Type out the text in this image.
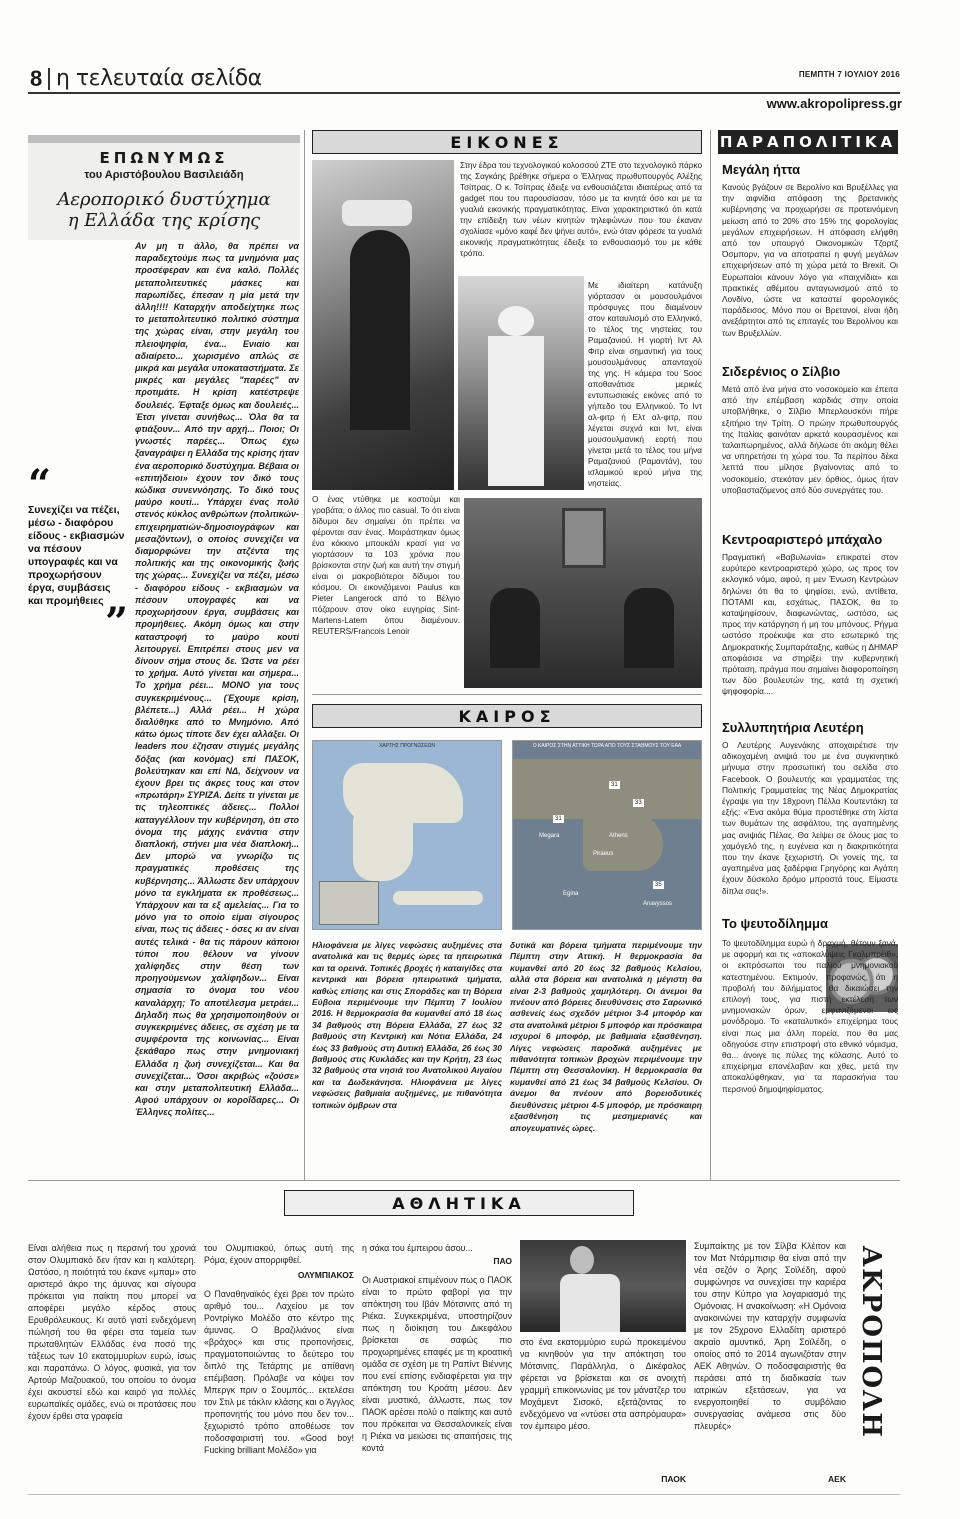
8 η τελευταία σελίδα	ΠΕΜΠΤΗ 7 ΙΟΥΛΙΟΥ 2016
www.akropolipress.gr
ΕΠΩΝΥΜΩΣ
του Αριστόβουλου Βασιλειάδη
Αεροπορικό δυστύχημα
η Ελλάδα της κρίσης
“
Συνεχίζει να πέζει, μέσω - διαφόρου είδους - εκβιασμών να πέσουν υπογραφές και να προχωρήσουν έργα, συμβάσεις και προμήθειες ”
Αν μη τι άλλο, θα πρέπει να παραδεχτούμε πως τα μνημόνια μας προσέφεραν και ένα καλό. Πολλές μεταπολιτευτικές μάσκες και παρωπίδες, έπεσαν η μία μετά την άλλη!!!! Καταρχήν αποδείχτηκε πως το μεταπολιτευτικό πολιτικό σύστημα της χώρας είναι, στην μεγάλη του πλειοψηφία, ένα... Ενιαίο και αδιαίρετο... χωρισμένο απλώς σε μικρά και μεγάλα υποκαταστήματα. Σε μικρές και μεγάλες "παρέες" αν προτιμάτε. Η κρίση κατέστρεψε δουλειές. Έφταξε όμως και δουλειές... Έτσι γίνεται συνήθως... Όλα θα τα φτιάξουν... Από την αρχή... Ποιοι; Οι γνωστές παρέες... Όπως έχω ξαναγράψει η Ελλάδα της κρίσης ήταν ένα αεροπορικό δυστύχημα. Βέβαια οι «επιτήδειοι» έχουν τον δικό τους κώδικα συνεννόησης. Το δικό τους μαύρο κουτί... Υπάρχει ένας πολύ στενός κύκλος ανθρώπων (πολιτικών-επιχειρηματιών-δημοσιογράφων και μεσαζόντων), ο οποίος συνεχίζει να διαμορφώνει την ατζέντα της πολιτικής και της οικονομικής ζωής της χώρας... Συνεχίζει να πέζει, μέσω - διαφόρου είδους - εκβιασμών να πέσουν υπογραφές και να προχωρήσουν έργα, συμβάσεις και προμήθειες. Ακόμη όμως και στην καταστροφή το μαύρο κουτί λειτουργεί. Επιτρέπει στους μεν να δίνουν σήμα στους δε. Ώστε να ρέει το χρήμα. Αυτό γίνεται και σήμερα... Το χρήμα ρέει... ΜΟΝΟ για τους συγκεκριμένους... (Έχουμε κρίση, βλέπετε...) Αλλά ρέει... Η χώρα διαλύθηκε από το Μνημόνιο. Από κάτω όμως τίποτε δεν έχει αλλάξει. Οι leaders που έζησαν στιγμές μεγάλης δόξας (και κονόμας) επί ΠΑΣΟΚ, βολεύτηκαν και επί ΝΔ, δείχνουν να έχουν βρει τις άκρες τους και στον «πρωτάρη» ΣΥΡΙΖΑ. Δείτε τι γίνεται με τις τηλεοπτικές άδειες... Πολλοί καταγγέλλουν την κυβέρνηση, ότι στο όνομα της μάχης ενάντια στην διαπλοκή, στήνει μια νέα διαπλοκή... Δεν μπορώ να γνωρίζω τις πραγματικές προθέσεις της κυβέρνησης... Άλλωστε δεν υπάρχουν μόνο τα εγκλήματα εκ προθέσεως... Υπάρχουν και τα εξ αμελείας... Για το μόνο για το οποίο είμαι σίγουρος είναι, πως τις άδειες - όσες κι αν είναι αυτές τελικά - θα τις πάρουν κάποιοι τύποι που θέλουν να γίνουν χαλίφηδες στην θέση των προηγούμενων χαλίφηδων... Είναι σημασία το όνομα του νέου καναλάρχη; Το αποτέλεσμα μετράει... Δηλαδή πως θα χρησιμοποιηθούν οι συγκεκριμένες άδειες, σε σχέση με τα συμφέροντα της κοινωνίας... Είναι ξεκάθαρο πως στην μνημονιακή Ελλάδα η ζωή συνεχίζεται... Και θα συνεχίζεται... Όσοι ακριβώς «ζούσε» και στην μεταπολιτευτική Ελλάδα... Αφού υπάρχουν οι κοροΐδαρες... Οι Έλληνες πολίτες...
ΕΙΚΟΝΕΣ
Στην έδρα του τεχνολογικού κολοσσού ΖΤΕ στο τεχνολογικό πάρκο της Σαγκάης βρέθηκε σήμερα ο Έλληνας πρωθυπουργός Αλέξης Τσίπρας. Ο κ. Τσίπρας έδειξε να ενθουσιάζεται ιδιαιτέρως από τα gadget που του παρουσίασαν, τόσο με τα κινητά όσο και με τα γυαλιά εικονικής πραγματικότητας. Είναι χαρακτηριστικό ότι κατά την επίδειξη των νέων κινητών τηλεφώνων που του έκαναν σχολίασε «μόνο καφέ δεν ψήνει αυτό», ενώ όταν φόρεσε τα γυαλιά εικονικής πραγματικότητας έδειξε το ενθουσιασμό του με κάθε τρόπο.
Με ιδιαίτερη κατάνυξη γιόρτασαν οι μουσουλμάνοι πρόσφυγες που διαμένουν στον καταυλισμό στο Ελληνικό, το τέλος της νηστείας του Ραμαζανιού. Η γιορτή Ιντ Αλ Φιτρ είναι σημαντική για τους μουσουλμάνους απανταχού της γης. Η κάμερα του Sooc αποθανάτισε μερικές εντυπωσιακές εικόνες από το γήπεδο του Ελληνικού. Το Ιντ αλ-φιτρ ή Ελτ αλ-φιτρ, που λέγεται συχνά και Ιντ, είναι μουσουλμανική εορτή που γίνεται μετά το τέλος του μήνα Ραμαζανιού (Ραμαντάν), του ισλαμικού ιερού μήνα της νηστείας.
Ο ένας ντύθηκε με κοστούμι και γραβάτα, ο άλλος πιο casual. Το ότι είναι δίδυμοι δεν σημαίνει ότι πρέπει να φέρονται σαν ένας. Μοιράστηκαν όμως ένα κόκκινο μπουκάλι κρασί για να γιορτάσουν τα 103 χρόνια που βρίσκονται στην ζωή και αυτή την στιγμή είναι οι μακροβιότεροι δίδυμοι του κόσμου. Οι εικονιζόμενοι Paulus και Pieter Langerock από το Βέλγιο πόζαρουν στον οίκο ευγηρίας Sint-Martens-Latem όπου διαμένουν. REUTERS/Francois Lenoir
ΚΑΙΡΟΣ
ΧΑΡΤΗΣ ΠΡΟΓΝΩΣΕΩΝ	Ο ΚΑΙΡΟΣ ΣΤΗΝ ΑΤΤΙΚΗ ΤΩΡΑ ΑΠΟ ΤΟΥΣ ΣΤΑΘΜΟΥΣ ΤΟΥ ΕΑΑ
Athens
Megara
Piraeus
Egina
Anavyssos
31
31
33
35
Ηλιοφάνεια με λίγες νεφώσεις αυξημένες στα ανατολικά και τις θερμές ώρες τα ηπειρωτικά και τα ορεινά. Τοπικές βροχές ή καταιγίδες στα κεντρικά και βόρεια ηπειρωτικά τμήματα, καθώς επίσης και στις Σποράδες και τη Βόρεια Εύβοια περιμένουμε την Πέμπτη 7 Ιουλίου 2016. Η θερμοκρασία θα κυμανθεί από 18 έως 34 βαθμούς στη Βόρεια Ελλάδα, 27 έως 32 βαθμούς στη Κεντρική και Νότια Ελλάδα, 24 έως 33 βαθμούς στη Δυτική Ελλάδα, 26 έως 30 βαθμούς στις Κυκλάδες και την Κρήτη, 23 έως 32 βαθμούς στα νησιά του Ανατολικού Αιγαίου και τα Δωδεκάνησα. Ηλιοφάνεια με λίγες νεφώσεις βαθμιαία αυξημένες, με πιθανότητα τοπικών όμβρων στα
δυτικά και βόρεια τμήματα περιμένουμε την Πέμπτη στην Αττική. Η θερμοκρασία θα κυμανθεί από 20 έως 32 βαθμούς Κελσίου, αλλά στα βόρεια και ανατολικά η μέγιστη θα είναι 2-3 βαθμούς χαμηλότερη. Οι άνεμοι θα πνέουν από βόρειες διευθύνσεις στο Σαρωνικό ασθενείς έως σχεδόν μέτριοι 3-4 μποφόρ και στα ανατολικά μέτριοι 5 μποφόρ και πρόσκαιρα ισχυροί 6 μποφόρ, με βαθμιαία εξασθένηση. Λίγες νεφώσεις παροδικά αυξημένες με πιθανότητα τοπικών βροχών περιμένουμε την Πέμπτη στη Θεσσαλονίκη. Η θερμοκρασία θα κυμανθεί από 21 έως 34 βαθμούς Κελσίου. Οι άνεμοι θα πνέουν από βορειοδυτικές διευθύνσεις μέτριοι 4-5 μποφόρ, με πρόσκαιρη εξασθένηση τις μεσημεριανές και απογευματινές ώρες.
ΠΑΡΑΠΟΛΙΤΙΚΑ
Μεγάλη ήττα
Κανούς βγάζουν σε Βερολίνο και Βρυξέλλες για την αιφνίδια απόφαση της βρετανικής κυβέρνησης να προχωρήσει σε προτεινόμενη μείωση από το 20% στο 15% της φορολογίας μεγάλων επιχειρήσεων. Η απόφαση ελήφθη από τον υπουργό Οικονομικών Τζορτζ Όσμπορν, για να αποτραπεί η φυγή μεγάλων επιχειρήσεων από τη χώρα μετά το Brexit. Οι Ευρωπαίοι κάνουν λόγο για «παιχνίδια» και πρακτικές αθέμιτου ανταγωνισμού από το Λονδίνο, ώστε να καταστεί φορολογικός παράδεισος. Μόνο που οι Βρετανοί, είναι ήδη ανεξάρτητοι από τις επιταγές του Βερολίνου και των Βρυξελλών.
Σιδερένιος ο Σίλβιο
Μετά από ένα μήνα στο νοσοκομείο και έπειτα από την επέμβαση καρδιάς στην οποία υποβλήθηκε, ο Σίλβιο Μπερλουσκόνι πήρε εξιτήριο την Τρίτη. Ο πρώην πρωθυπουργός της Ιταλίας φαινόταν αρκετά κουρασμένος και ταλαιπωρημένος, αλλά δήλωσε ότι ακόμη θέλει να υπηρετήσει τη χώρα του. Τα περίπου δέκα λεπτά που μίλησε βγαίνοντας από το νοσοκομείο, στεκόταν μεν όρθιος, όμως ήταν υποβασταζόμενος από δύο συνεργάτες του.
Κεντροαριστερό μπάχαλο
Πραγματική «Βαβυλωνία» επικρατεί στον ευρύτερο κεντροαριστερό χώρο, ως προς τον εκλογικό νόμο, αφού, η μεν Ένωση Κεντρώων δηλώνει ότι θα το ψηφίσει, ενώ, αντίθετα, ΠΟΤΑΜΙ και, εσχάτως, ΠΑΣΟΚ, θα το καταψηφίσουν, διαφωνώντας, ωστόσο, ως προς την κατάργηση ή μη του μπόνους. Ρήγμα ωστόσο προέκυψε και στο εσωτερικό της Δημοκρατικής Συμπαράταξης, καθώς η ΔΗΜΑΡ αποφάσισε να στηρίξει την κυβερνητική πρόταση, πράγμα που σημαίνει διαφοροποίηση των δύο βουλευτών της, κατά τη σχετική ψηφοφορία....
Συλλυπητήρια Λευτέρη
Ο Λευτέρης Αυγενάκης αποχαιρέτισε την αδικοχαμένη ανιψιά του με ένα συγκινητικό μήνυμα στην προσωπική του σελίδα στο Facebook. Ο βουλευτής και γραμματέας της Πολιτικής Γραμματείας της Νέας Δημοκρατίας έγραψε για την 18χρονη Πέλλα Κουτεντάκη τα εξής: «Ένα ακόμα θύμα προστέθηκε στη λίστα των θυμάτων της ασφάλτου, της αγαπημένης μας ανιψιάς Πέλας. Θα λείψει σε όλους μας το χαμόγελό της, η ευγένεια και η διακριτικότητα που την έκανε ξεχωριστή. Οι γονείς της, τα αγαπημένα μας ξαδέρφια Γρηγόρης και Αγάπη έχουν δύσκολο δρόμο μπροστά τους. Είμαστε δίπλα σας!».
Το ψευτοδίλημμα
Το ψευτοδίλημμα ευρώ ή δραχμή, θέτουν ξανά, με αφορμή και τις «αποκαλύψεις Γκαλμπρέιθ», οι εκπρόσωποι του παλιού μνημονιακού κατεστημένου. Εκτιμούν, προφανώς, ότι η προβολή του διλήμματος θα δικαιώσει την επιλογή τους, για πιστή εκτέλεση των μνημονιακών όρων, εμφανιζόμενοι ως μονόδρομο. Το «καταλυτικό» επιχείρημα τους είναι πως μια άλλη πορεία, που θα μας οδηγούσε στην επιστροφή στο εθνικό νόμισμα, θα... άνοιγε τις πύλες της κόλασης. Αυτό το επιχείρημα επανέλαβαν και χθες, μετά την αποκαλύφθηκαν, για τα παρασκήνια του περσινού δημοψηφίσματος.
ΑΘΛΗΤΙΚΑ
Είναι αλήθεια πως η περσινή του χρονιά στον Ολυμπιακό δεν ήταν και η καλύτερη. Ωστόσο, η ποιότητά του έκανε «μπαμ» στο αριστερό άκρο της άμυνας και σίγουρα πρόκειται για παίκτη που μπορεί να αποφέρει μεγάλο κέρδος στους Ερυθρόλευκους. Κι αυτό γιατί ενδεχόμενη πώλησή του θα φέρει στα ταμεία των πρωταθλητών Ελλάδας ένα ποσό της τάξεως των 10 εκατομμυρίων ευρώ, ίσως και παραπάνω. Ο λόγος, φυσικά, για τον Αρτούρ Μαζουακού, του οποίου το όνομα έχει ακουστεί εδώ και καιρό για πολλές ευρωπαϊκές ομάδες, ενώ οι προτάσεις που έχουν έρθει στα γραφεία
του Ολυμπιακού, όπως αυτή της Ρόμα, έχουν απορριφθεί.
ΟΛΥΜΠΙΑΚΟΣ
Ο Παναθηναϊκός έχει βρει τον πρώτο αριθμό του... Λαχείου με τον Ροντρίγκο Μολέδο στο κέντρο της άμυνας. Ο Βραζιλιάνος είναι «βράχος» και στις προπονήσεις, πραγματοποιώντας το δεύτερο του διπλό της Τετάρτης με απίθανη επέμβαση. Πρόλαβε να κόψει τον Μπεργκ πριν ο Σουμπός... εκτελέσει τον Στιλ με τάκλιν κλάσης και ο Άγγλος προπονητής του μόνο που δεν τον... ξεχωριστό τρόπο αποθέωσε τον ποδοσφαιριστή του. «Good boy! Fucking brilliant Μολέδο» για
η σάκα του έμπειρου άσου...
ΠΑΟ
Οι Αυστριακοί επιμένουν πως ο ΠΑΟΚ είναι το πρώτο φαβορί για την απόκτηση του Ιβάν Μότσινιτς από τη Ριέκα. Συγκεκριμένα, υποστηρίζουν πως η διοίκηση του Δικεφάλου βρίσκεται σε σαφώς πιο προχωρημένες επαφές με τη κροατική ομάδα σε σχέση με τη Ραπίντ Βιέννης που ενεί επίσης ενδιαφέρεται για την απόκτηση του Κροάτη μέσου. Δεν είναι μυστικό, άλλωστε, πως τον ΠΑΟΚ αρέσει πολύ ο παίκτης και αυτό που πρόκειται να Θεσσαλονικείς είναι η Ριέκα να μειώσει τις απαιτήσεις της κοντά
στο ένα εκατομμύριο ευρώ προκειμένου να κινηθούν για την απόκτηση του Μότσινιτς. Παράλληλα, ο Δικέφαλος φέρεται να βρίσκεται και σε ανοιχτή γραμμή επικοινωνίας με τον μάνατζερ του Μοχάμεντ Σισοκό, εξετάζοντας το ενδεχόμενο να «ντύσει στα ασπρόμαυρα» τον έμπειρο μέσο.
ΠΑΟΚ
Συμπαίκτης με τον Σίλβα Κλέιτον και τον Ματ Ντάρμπισιρ θα είναι από την νέα σεζόν ο Άρης Σοϊλέδη, αφού συμφώνησε να συνεχίσει την καριέρα του στην Κύπρο για λογαριασμό της Ομόνοιας. Η ανακοίνωση: «Η Ομόνοια ανακοινώνει την καταρχήν συμφωνία με τον 25χρονο Ελλαδίτη αριστερό ακραίο αμυντικό, Άρη Σοϊλέδη, ο οποίος από το 2014 αγωνιζόταν στην ΑΕΚ Αθηνών. Ο ποδοσφαιριστής θα περάσει από τη διαδικασία των ιατρικών εξετάσεων, για να ενεργοποιηθεί το συμβόλαιο συνεργασίας ανάμεσα στις δύο πλευρές»
ΑΕΚ
ΑΚΡΟΠΟΛΗ
